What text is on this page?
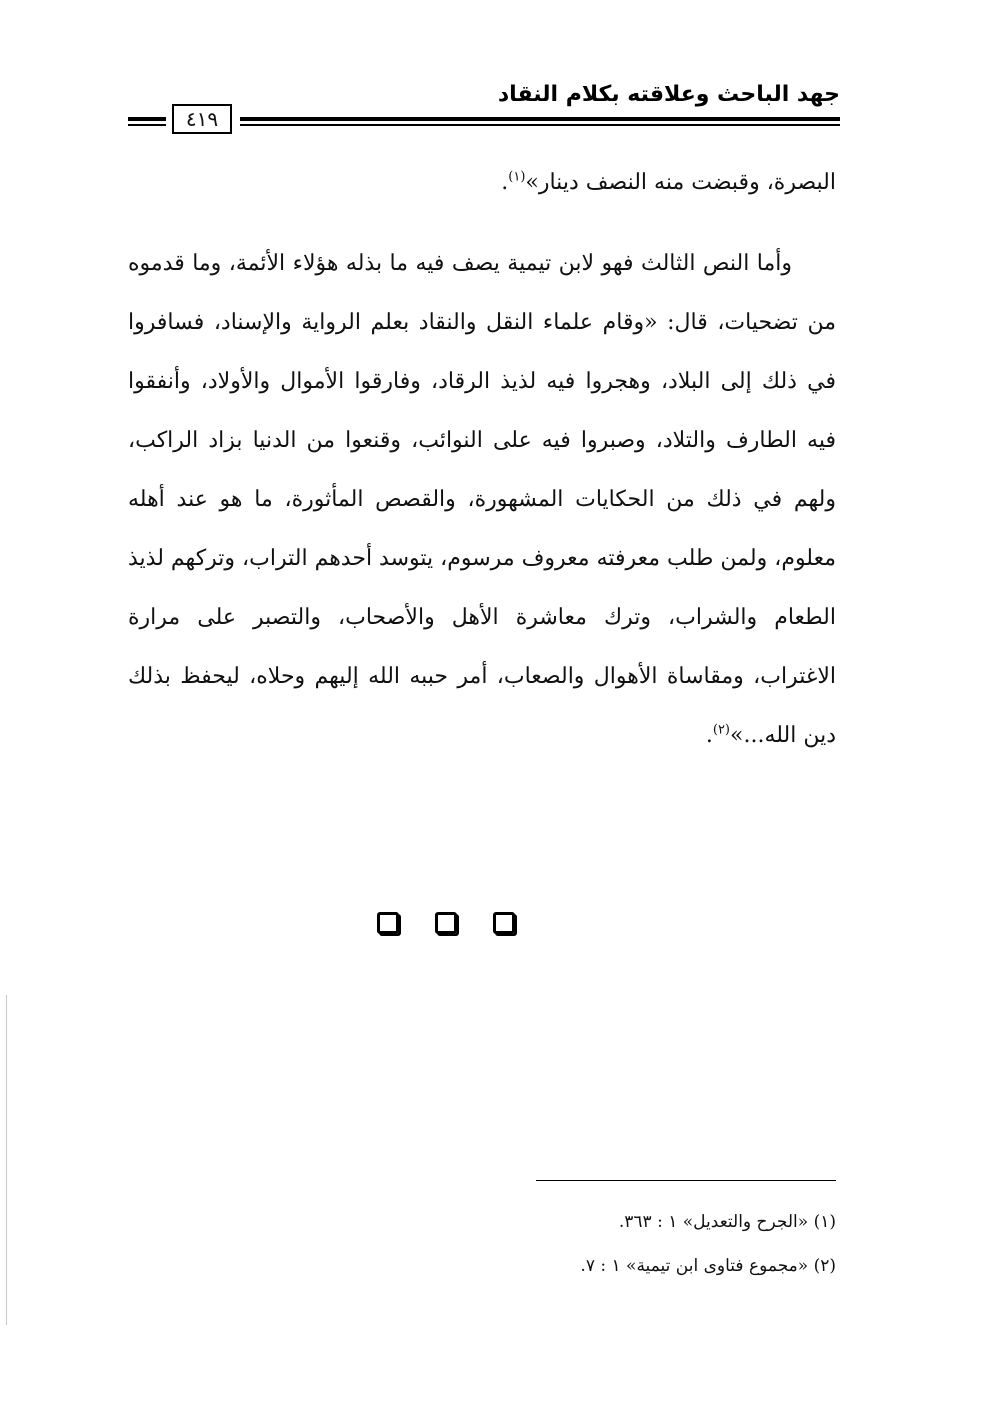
جهد الباحث وعلاقته بكلام النقاد
٤١٩

البصرة، وقبضت منه النصف دينار»$^{(١)}$.

وأما النص الثالث فهو لابن تيمية يصف فيه ما بذله هؤلاء الأئمة، وما قدموه من تضحيات، قال: «وقام علماء النقل والنقاد بعلم الرواية والإسناد، فسافروا في ذلك إلى البلاد، وهجروا فيه لذيذ الرقاد، وفارقوا الأموال والأولاد، وأنفقوا فيه الطارف والتلاد، وصبروا فيه على النوائب، وقنعوا من الدنيا بزاد الراكب، ولهم في ذلك من الحكايات المشهورة، والقصص المأثورة، ما هو عند أهله معلوم، ولمن طلب معرفته معروف مرسوم، يتوسد أحدهم التراب، وتركهم لذيذ الطعام والشراب، وترك معاشرة الأهل والأصحاب، والتصبر على مرارة الاغتراب، ومقاساة الأهوال والصعاب، أمر حببه الله إليهم وحلاه، ليحفظ بذلك دين الله...»$^{(٢)}$.

(١) «الجرح والتعديل» ١ : ٣٦٣.
(٢) «مجموع فتاوى ابن تيمية» ١ : ٧.
